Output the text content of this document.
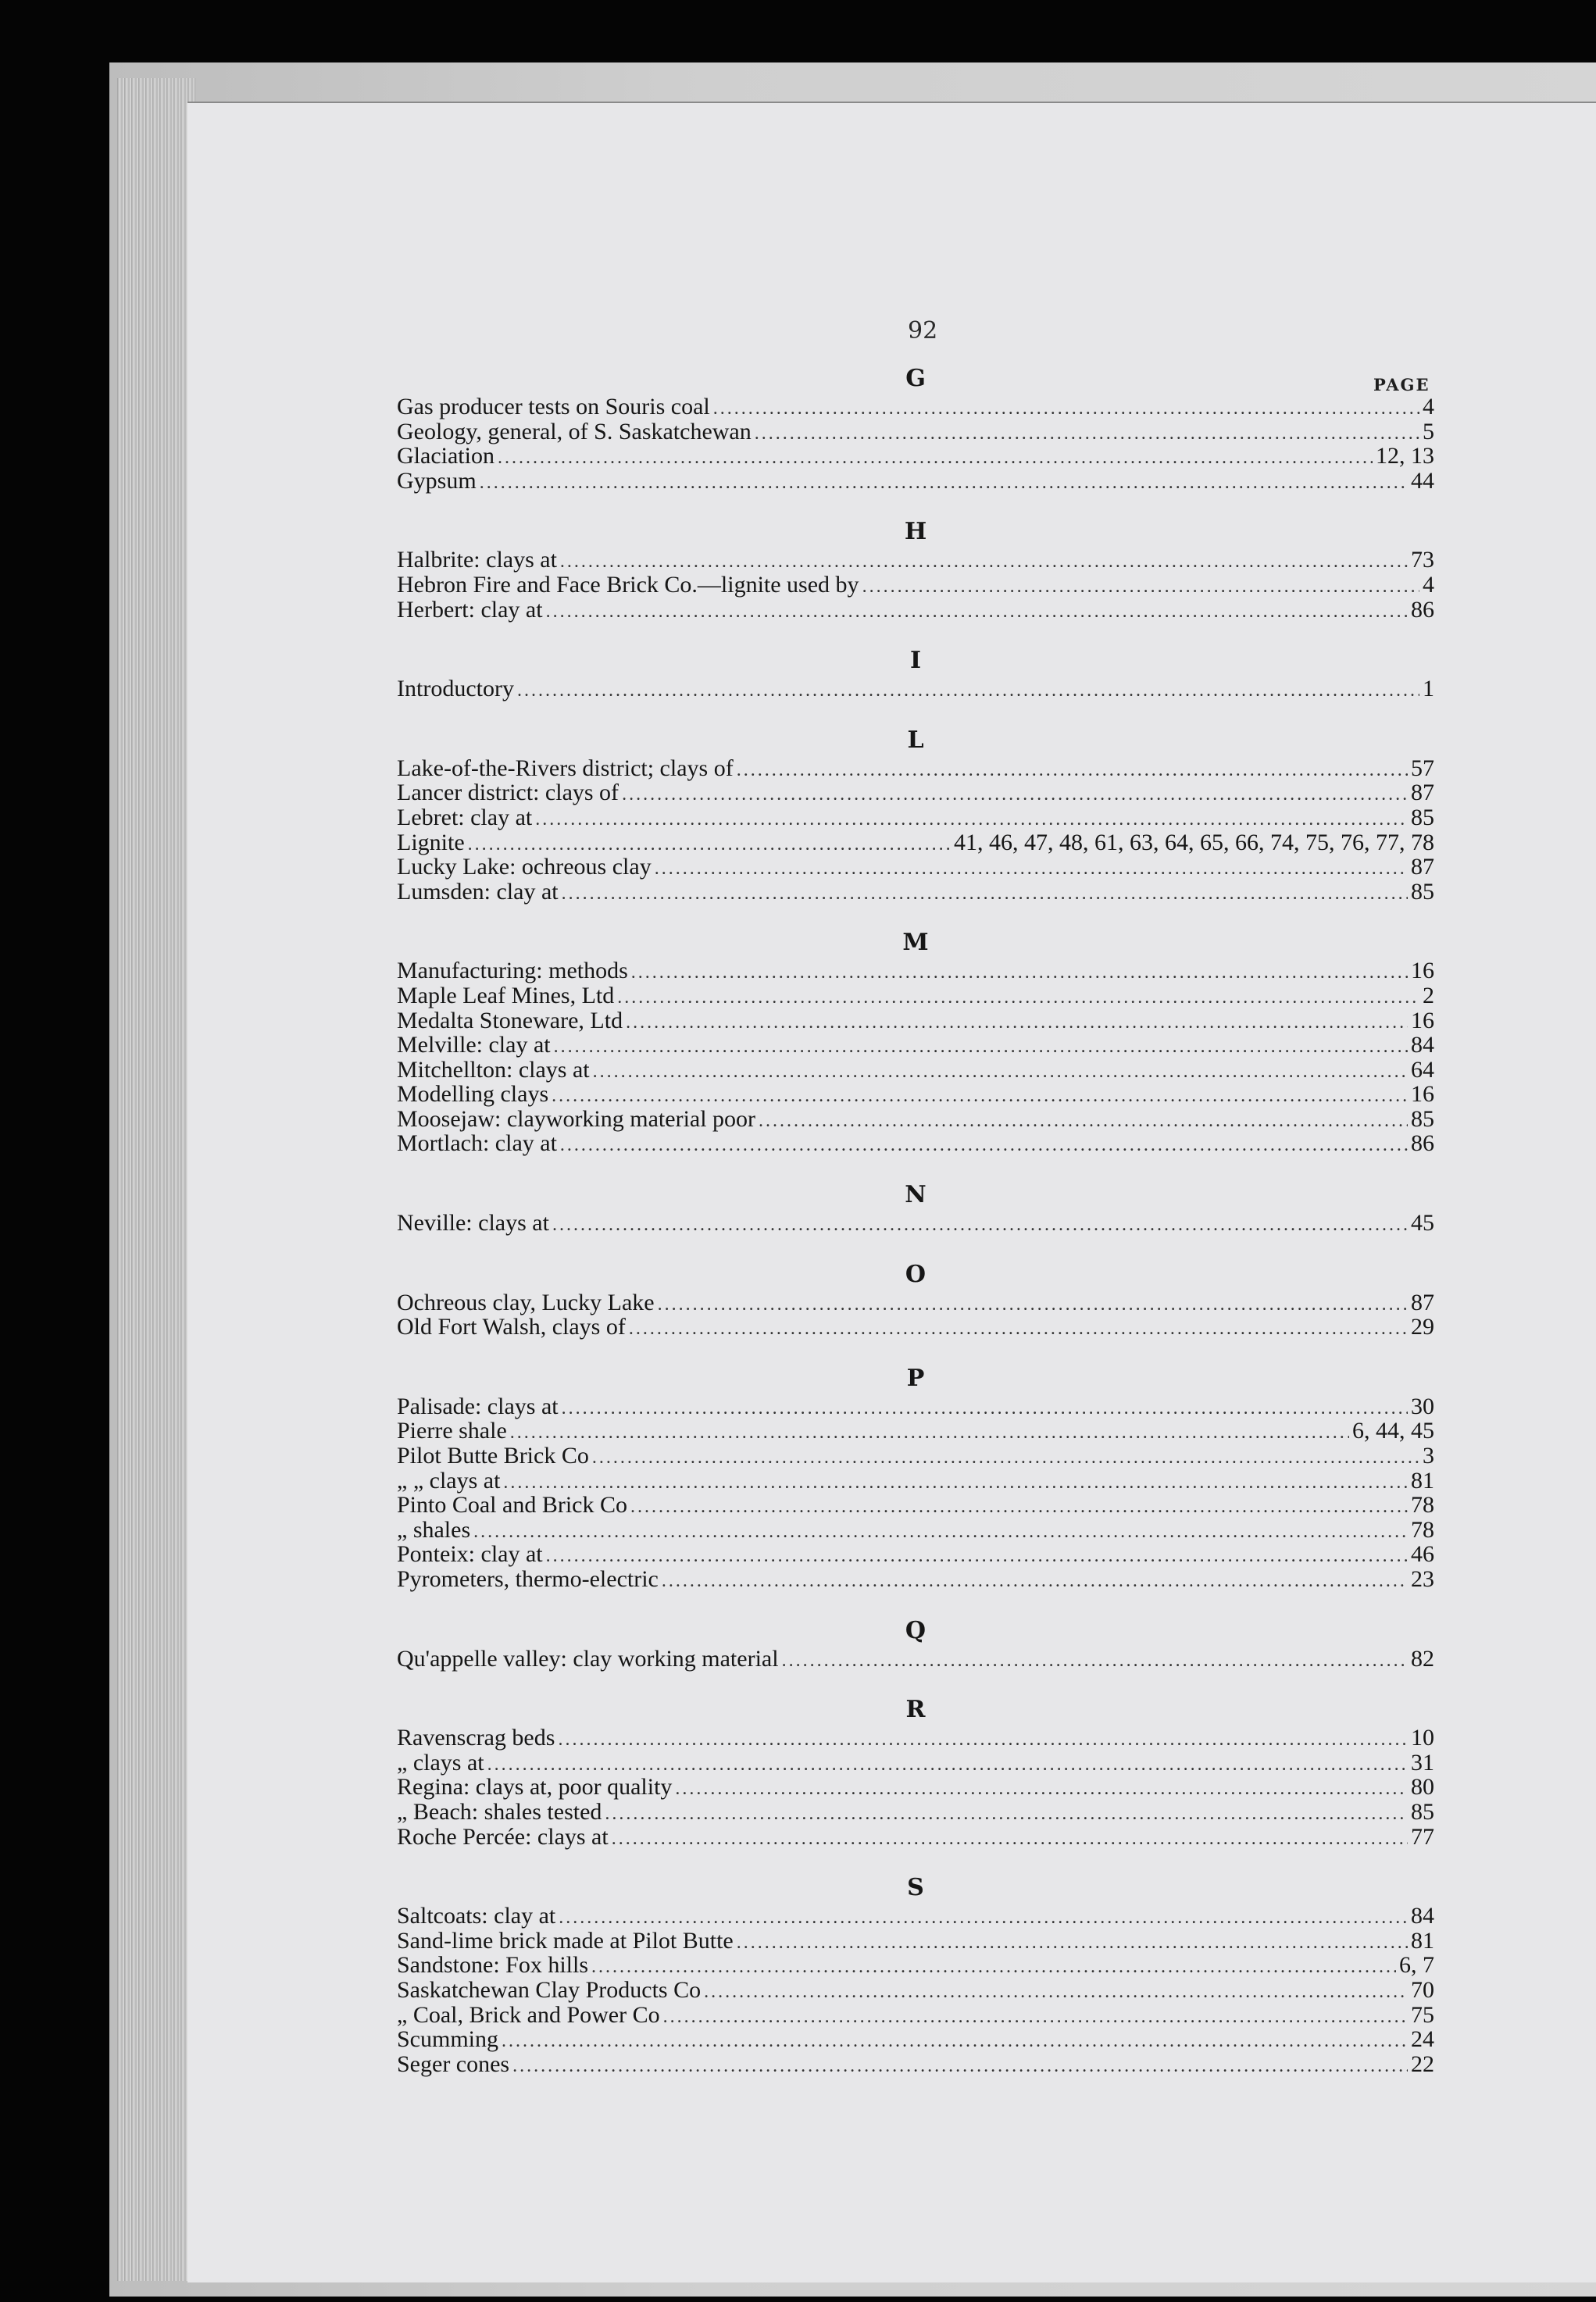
92
PAGE
G
Gas producer tests on Souris coal .....	4
Geology, general, of S. Saskatchewan .....	5
Glaciation .....	12, 13
Gypsum .....	44
H
Halbrite: clays at .....	73
Hebron Fire and Face Brick Co.—lignite used by .....	4
Herbert: clay at .....	86
I
Introductory .....	1
L
Lake-of-the-Rivers district; clays of .....	57
Lancer district: clays of .....	87
Lebret: clay at .....	85
Lignite .....	41, 46, 47, 48, 61, 63, 64, 65, 66, 74, 75, 76, 77, 78
Lucky Lake: ochreous clay .....	87
Lumsden: clay at .....	85
M
Manufacturing: methods .....	16
Maple Leaf Mines, Ltd .....	2
Medalta Stoneware, Ltd .....	16
Melville: clay at .....	84
Mitchellton: clays at .....	64
Modelling clays .....	16
Moosejaw: clayworking material poor .....	85
Mortlach: clay at .....	86
N
Neville: clays at .....	45
O
Ochreous clay, Lucky Lake .....	87
Old Fort Walsh, clays of .....	29
P
Palisade: clays at .....	30
Pierre shale .....	6, 44, 45
Pilot Butte Brick Co .....	3
„ „ clays at .....	81
Pinto Coal and Brick Co .....	78
„ shales .....	78
Ponteix: clay at .....	46
Pyrometers, thermo-electric .....	23
Q
Qu'appelle valley: clay working material .....	82
R
Ravenscrag beds .....	10
„ clays at .....	31
Regina: clays at, poor quality .....	80
„ Beach: shales tested .....	85
Roche Percée: clays at .....	77
S
Saltcoats: clay at .....	84
Sand-lime brick made at Pilot Butte .....	81
Sandstone: Fox hills .....	6, 7
Saskatchewan Clay Products Co .....	70
„ Coal, Brick and Power Co .....	75
Scumming .....	24
Seger cones .....	22
